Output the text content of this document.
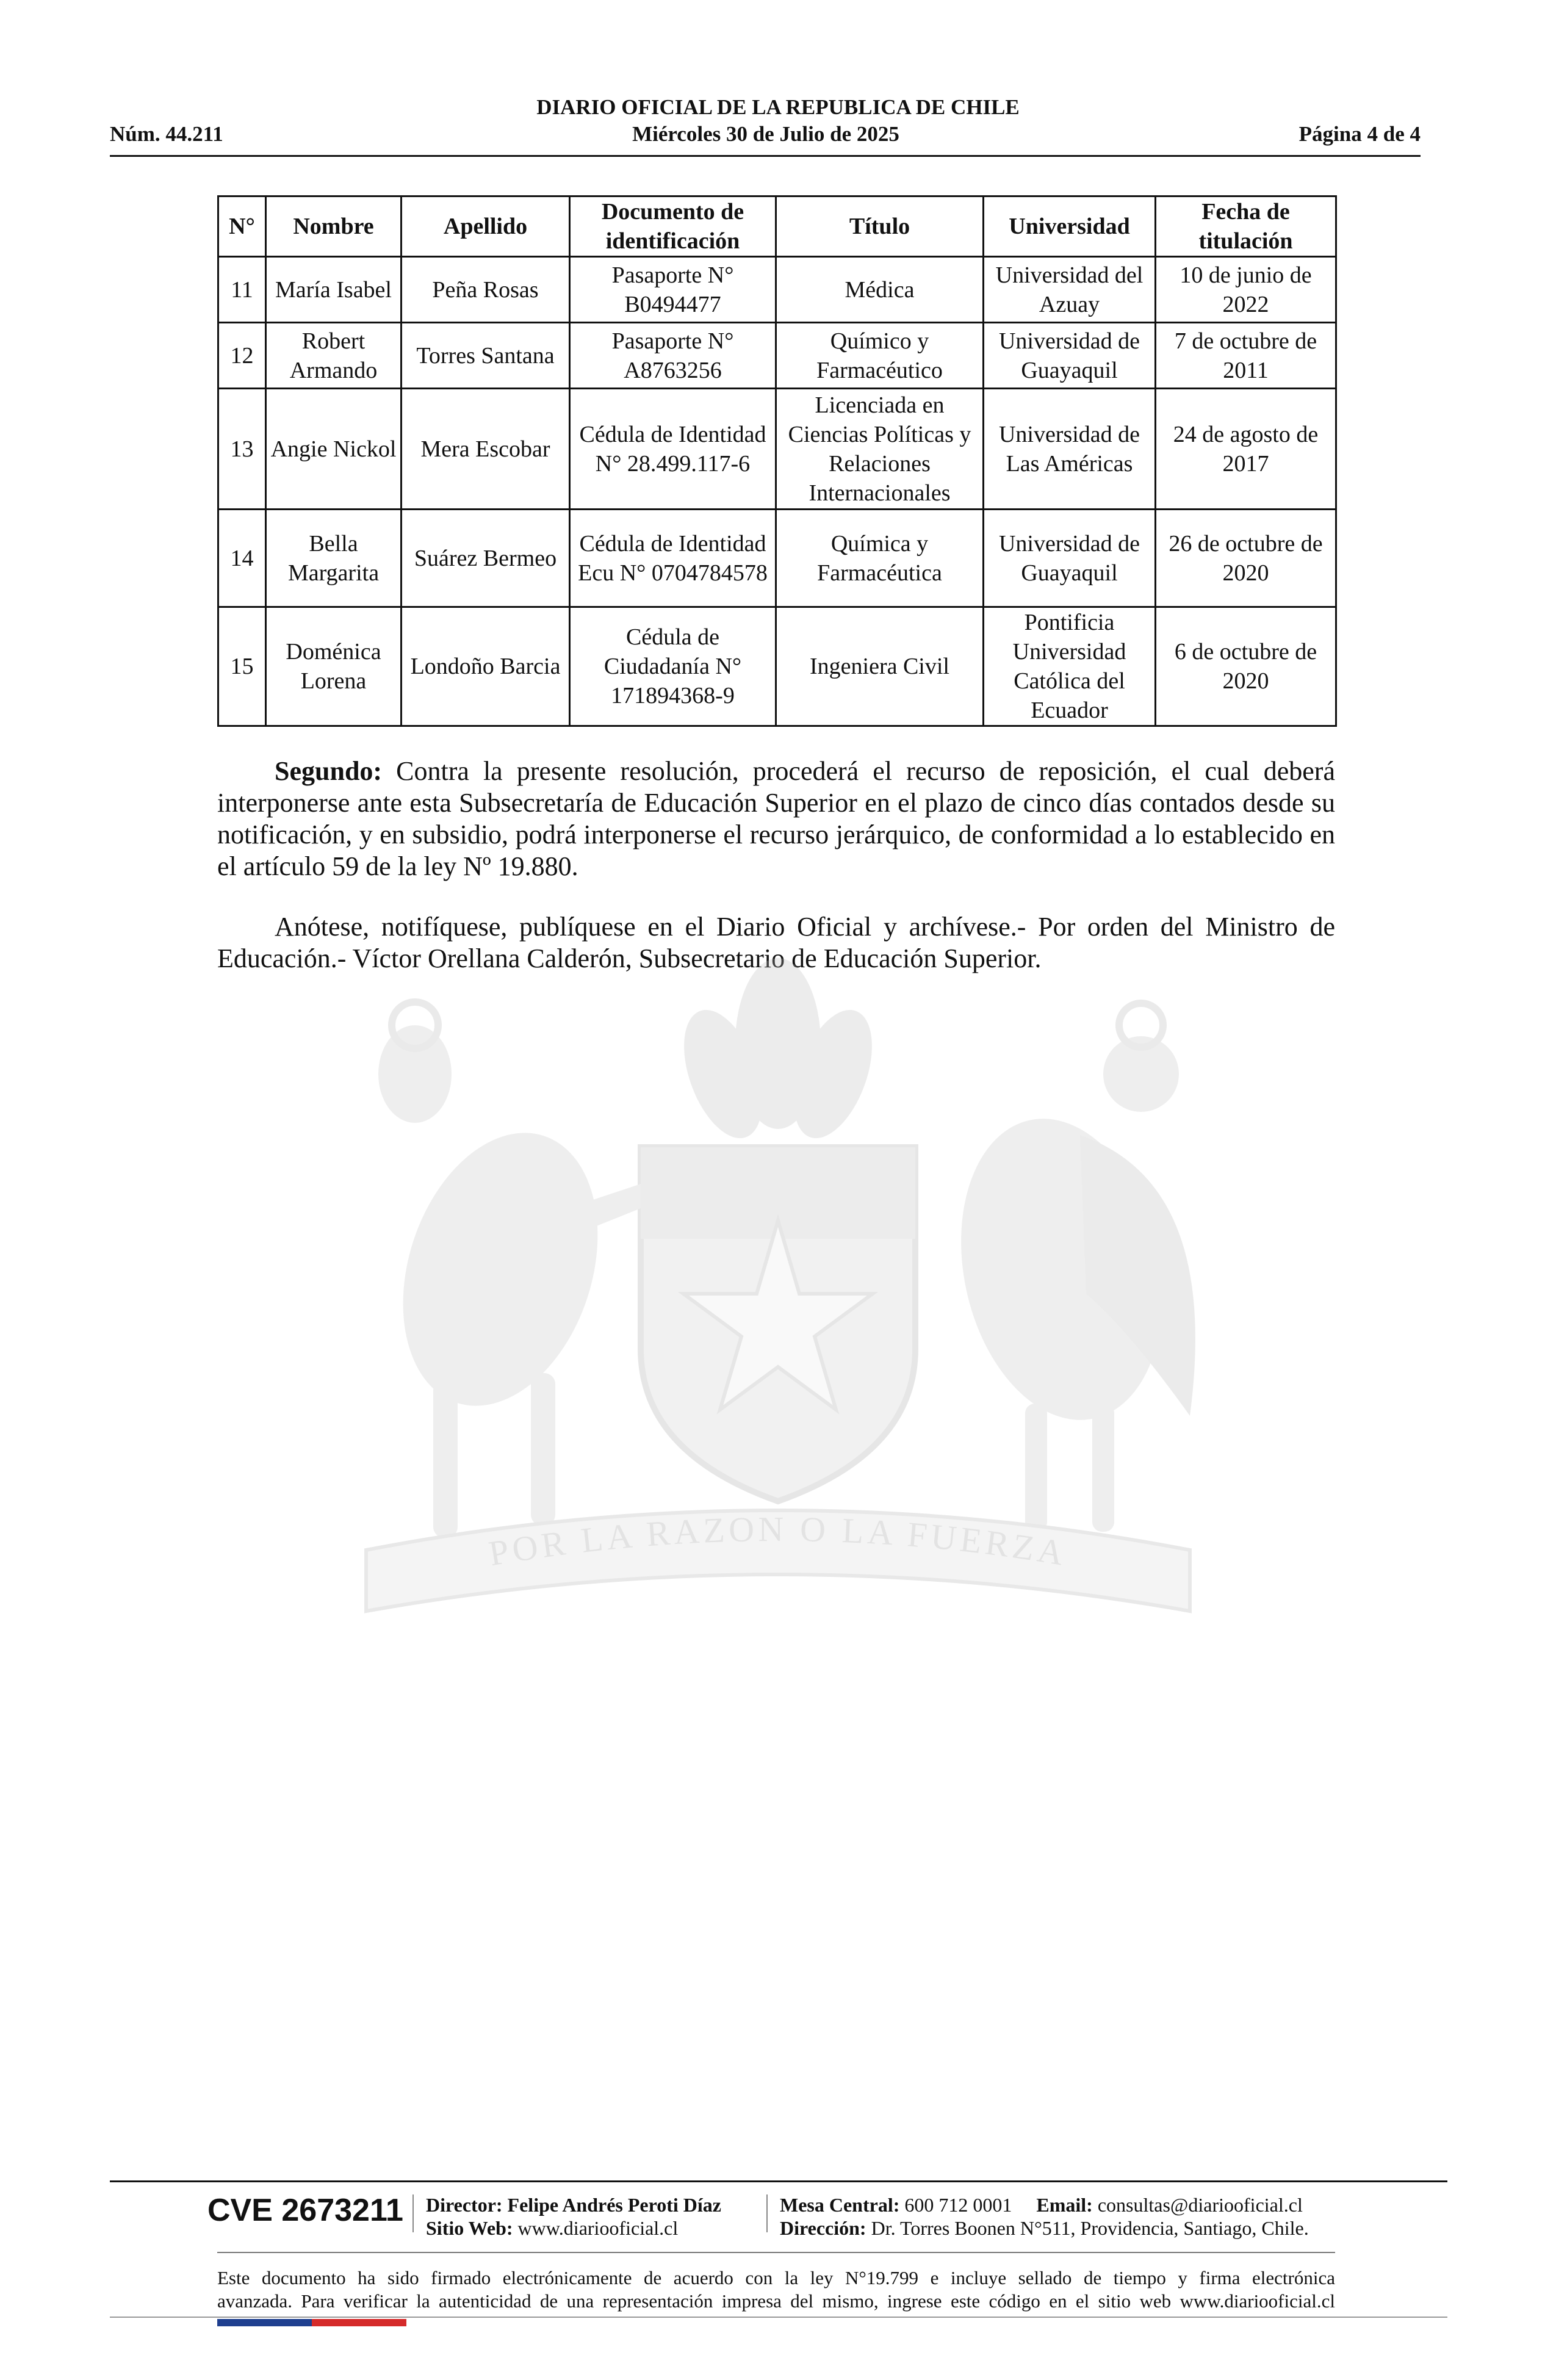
DIARIO OFICIAL DE LA REPUBLICA DE CHILE
Núm. 44.211	Miércoles 30 de Julio de 2025	Página 4 de 4
N°	Nombre	Apellido	Documento de identificación	Título	Universidad	Fecha de titulación
11	María Isabel	Peña Rosas	Pasaporte N° B0494477	Médica	Universidad del Azuay	10 de junio de 2022
12	Robert Armando	Torres Santana	Pasaporte N° A8763256	Químico y Farmacéutico	Universidad de Guayaquil	7 de octubre de 2011
13	Angie Nickol	Mera Escobar	Cédula de Identidad N° 28.499.117-6	Licenciada en Ciencias Políticas y Relaciones Internacionales	Universidad de Las Américas	24 de agosto de 2017
14	Bella Margarita	Suárez Bermeo	Cédula de Identidad Ecu N° 0704784578	Química y Farmacéutica	Universidad de Guayaquil	26 de octubre de 2020
15	Doménica Lorena	Londoño Barcia	Cédula de Ciudadanía N° 171894368-9	Ingeniera Civil	Pontificia Universidad Católica del Ecuador	6 de octubre de 2020

Segundo: Contra la presente resolución, procederá el recurso de reposición, el cual deberá interponerse ante esta Subsecretaría de Educación Superior en el plazo de cinco días contados desde su notificación, y en subsidio, podrá interponerse el recurso jerárquico, de conformidad a lo establecido en el artículo 59 de la ley Nº 19.880.

Anótese, notifíquese, publíquese en el Diario Oficial y archívese.- Por orden del Ministro de Educación.- Víctor Orellana Calderón, Subsecretario de Educación Superior.

POR LA RAZON O LA FUERZA
CVE 2673211 Director: Felipe Andrés Peroti Díaz
Sitio Web: www.diariooficial.cl
Mesa Central: 600 712 0001 Email: consultas@diariooficial.cl
Dirección: Dr. Torres Boonen N°511, Providencia, Santiago, Chile.
Este documento ha sido firmado electrónicamente de acuerdo con la ley N°19.799 e incluye sellado de tiempo y firma electrónica
avanzada. Para verificar la autenticidad de una representación impresa del mismo, ingrese este código en el sitio web www.diariooficial.cl
